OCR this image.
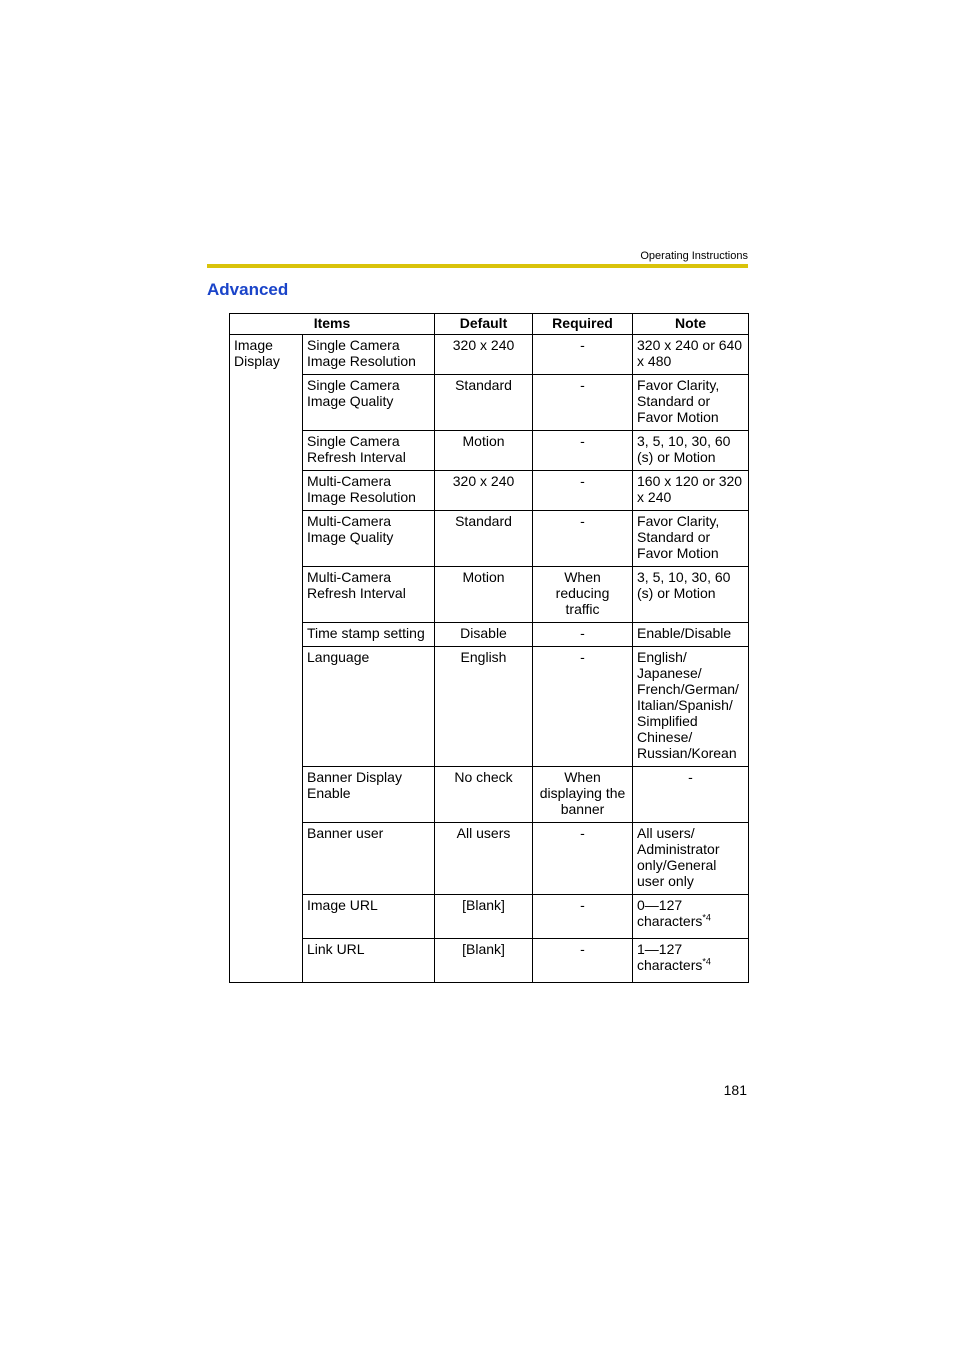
Operating Instructions
Advanced
Items		Default	Required	Note
Image Display	Single Camera Image Resolution	320 x 240	-	320 x 240 or 640 x 480
	Single Camera Image Quality	Standard	-	Favor Clarity, Standard or Favor Motion
	Single Camera Refresh Interval	Motion	-	3, 5, 10, 30, 60 (s) or Motion
	Multi-Camera Image Resolution	320 x 240	-	160 x 120 or 320 x 240
	Multi-Camera Image Quality	Standard	-	Favor Clarity, Standard or Favor Motion
	Multi-Camera Refresh Interval	Motion	When reducing traffic	3, 5, 10, 30, 60 (s) or Motion
	Time stamp setting	Disable	-	Enable/Disable
	Language	English	-	English/ Japanese/ French/German/ Italian/Spanish/ Simplified Chinese/ Russian/Korean
	Banner Display Enable	No check	When displaying the banner	-
	Banner user	All users	-	All users/ Administrator only/General user only
	Image URL	[Blank]	-	0—127 characters$^{*4}$
	Link URL	[Blank]	-	1—127 characters$^{*4}$
181
